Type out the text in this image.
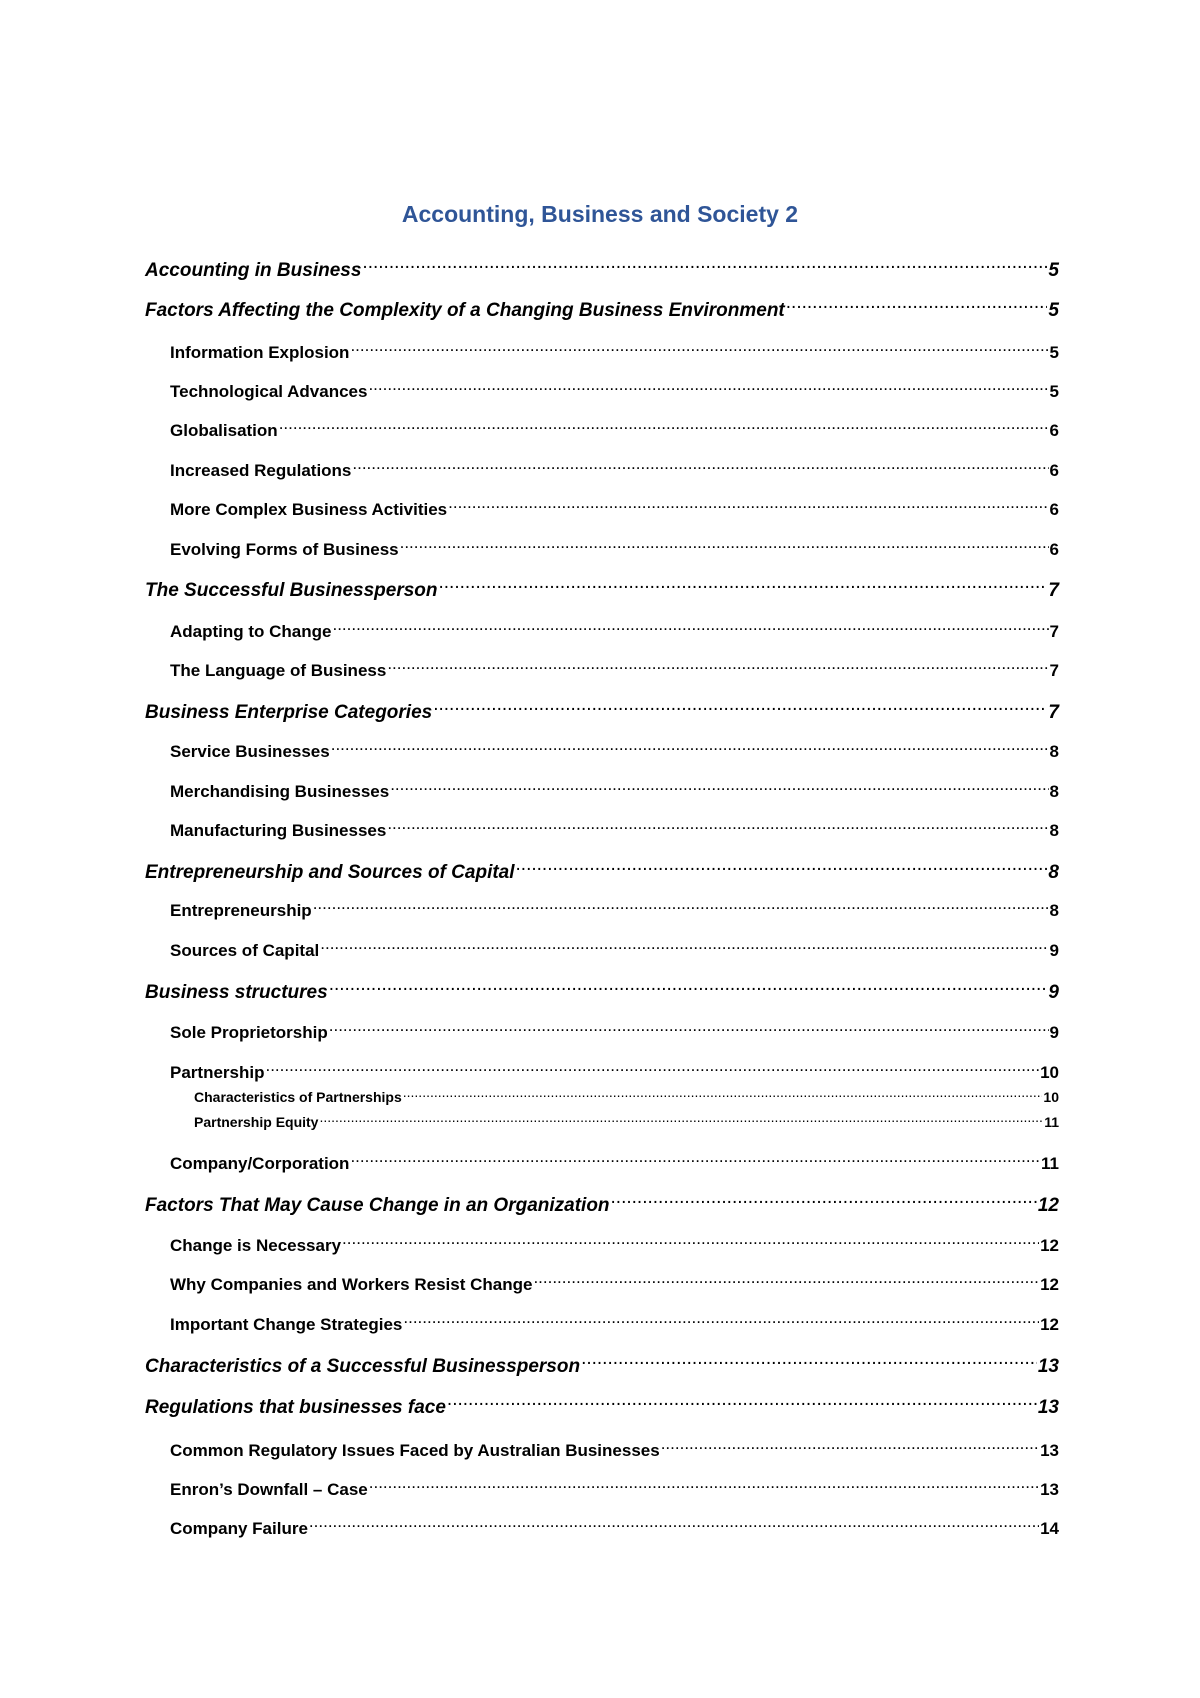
Accounting, Business and Society 2
Accounting in Business .....	5
Factors Affecting the Complexity of a Changing Business Environment .....	5
Information Explosion .....	5
Technological Advances .....	5
Globalisation .....	6
Increased Regulations .....	6
More Complex Business Activities .....	6
Evolving Forms of Business .....	6
The Successful Businessperson .....	7
Adapting to Change .....	7
The Language of Business .....	7
Business Enterprise Categories .....	7
Service Businesses .....	8
Merchandising Businesses .....	8
Manufacturing Businesses .....	8
Entrepreneurship and Sources of Capital .....	8
Entrepreneurship .....	8
Sources of Capital .....	9
Business structures .....	9
Sole Proprietorship .....	9
Partnership .....	10
Characteristics of Partnerships .....	10
Partnership Equity .....	11
Company/Corporation .....	11
Factors That May Cause Change in an Organization .....	12
Change is Necessary .....	12
Why Companies and Workers Resist Change .....	12
Important Change Strategies .....	12
Characteristics of a Successful Businessperson .....	13
Regulations that businesses face .....	13
Common Regulatory Issues Faced by Australian Businesses .....	13
Enron’s Downfall – Case .....	13
Company Failure .....	14
